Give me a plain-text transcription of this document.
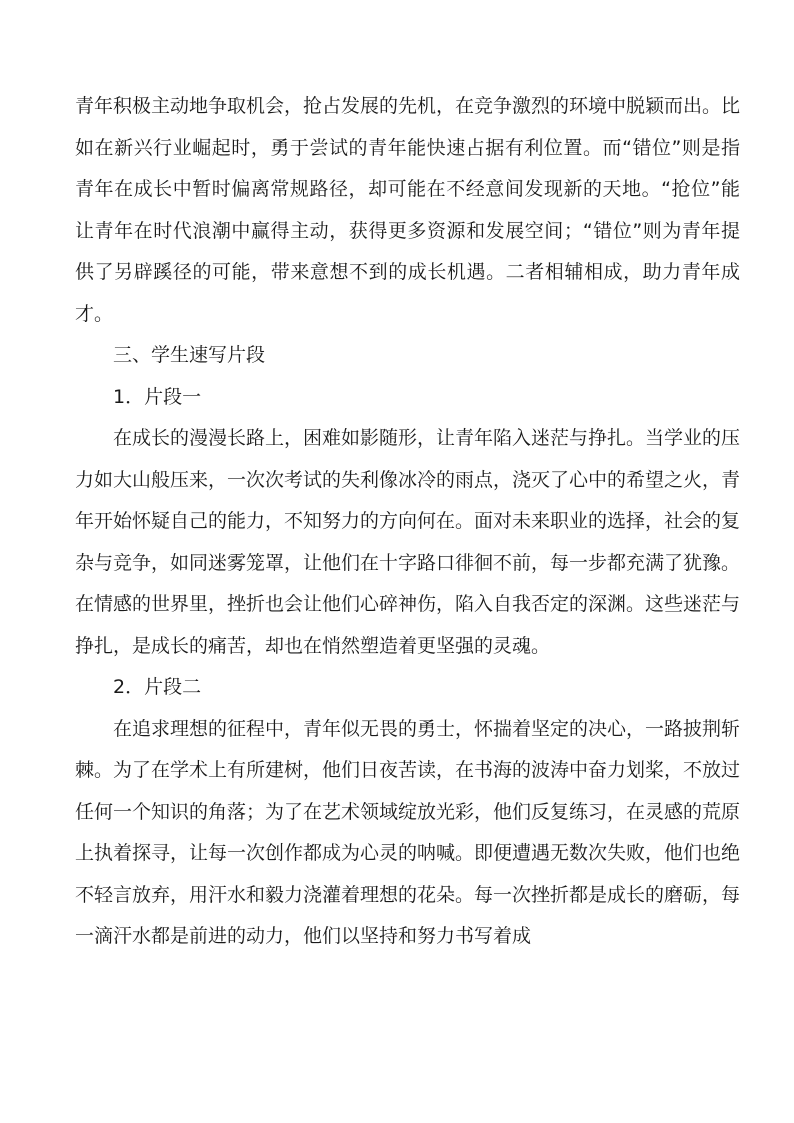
青年积极主动地争取机会，抢占发展的先机，在竞争激烈的环境中脱颖而出。比如在新兴行业崛起时，勇于尝试的青年能快速占据有利位置。而“错位”则是指青年在成长中暂时偏离常规路径，却可能在不经意间发现新的天地。“抢位”能让青年在时代浪潮中赢得主动，获得更多资源和发展空间；“错位”则为青年提供了另辟蹊径的可能，带来意想不到的成长机遇。二者相辅相成，助力青年成才。

三、学生速写片段

1．片段一

在成长的漫漫长路上，困难如影随形，让青年陷入迷茫与挣扎。当学业的压力如大山般压来，一次次考试的失利像冰冷的雨点，浇灭了心中的希望之火，青年开始怀疑自己的能力，不知努力的方向何在。面对未来职业的选择，社会的复杂与竞争，如同迷雾笼罩，让他们在十字路口徘徊不前，每一步都充满了犹豫。在情感的世界里，挫折也会让他们心碎神伤，陷入自我否定的深渊。这些迷茫与挣扎，是成长的痛苦，却也在悄然塑造着更坚强的灵魂。

2．片段二

在追求理想的征程中，青年似无畏的勇士，怀揣着坚定的决心，一路披荆斩棘。为了在学术上有所建树，他们日夜苦读，在书海的波涛中奋力划桨，不放过任何一个知识的角落；为了在艺术领域绽放光彩，他们反复练习，在灵感的荒原上执着探寻，让每一次创作都成为心灵的呐喊。即便遭遇无数次失败，他们也绝不轻言放弃，用汗水和毅力浇灌着理想的花朵。每一次挫折都是成长的磨砺，每一滴汗水都是前进的动力，他们以坚持和努力书写着成
